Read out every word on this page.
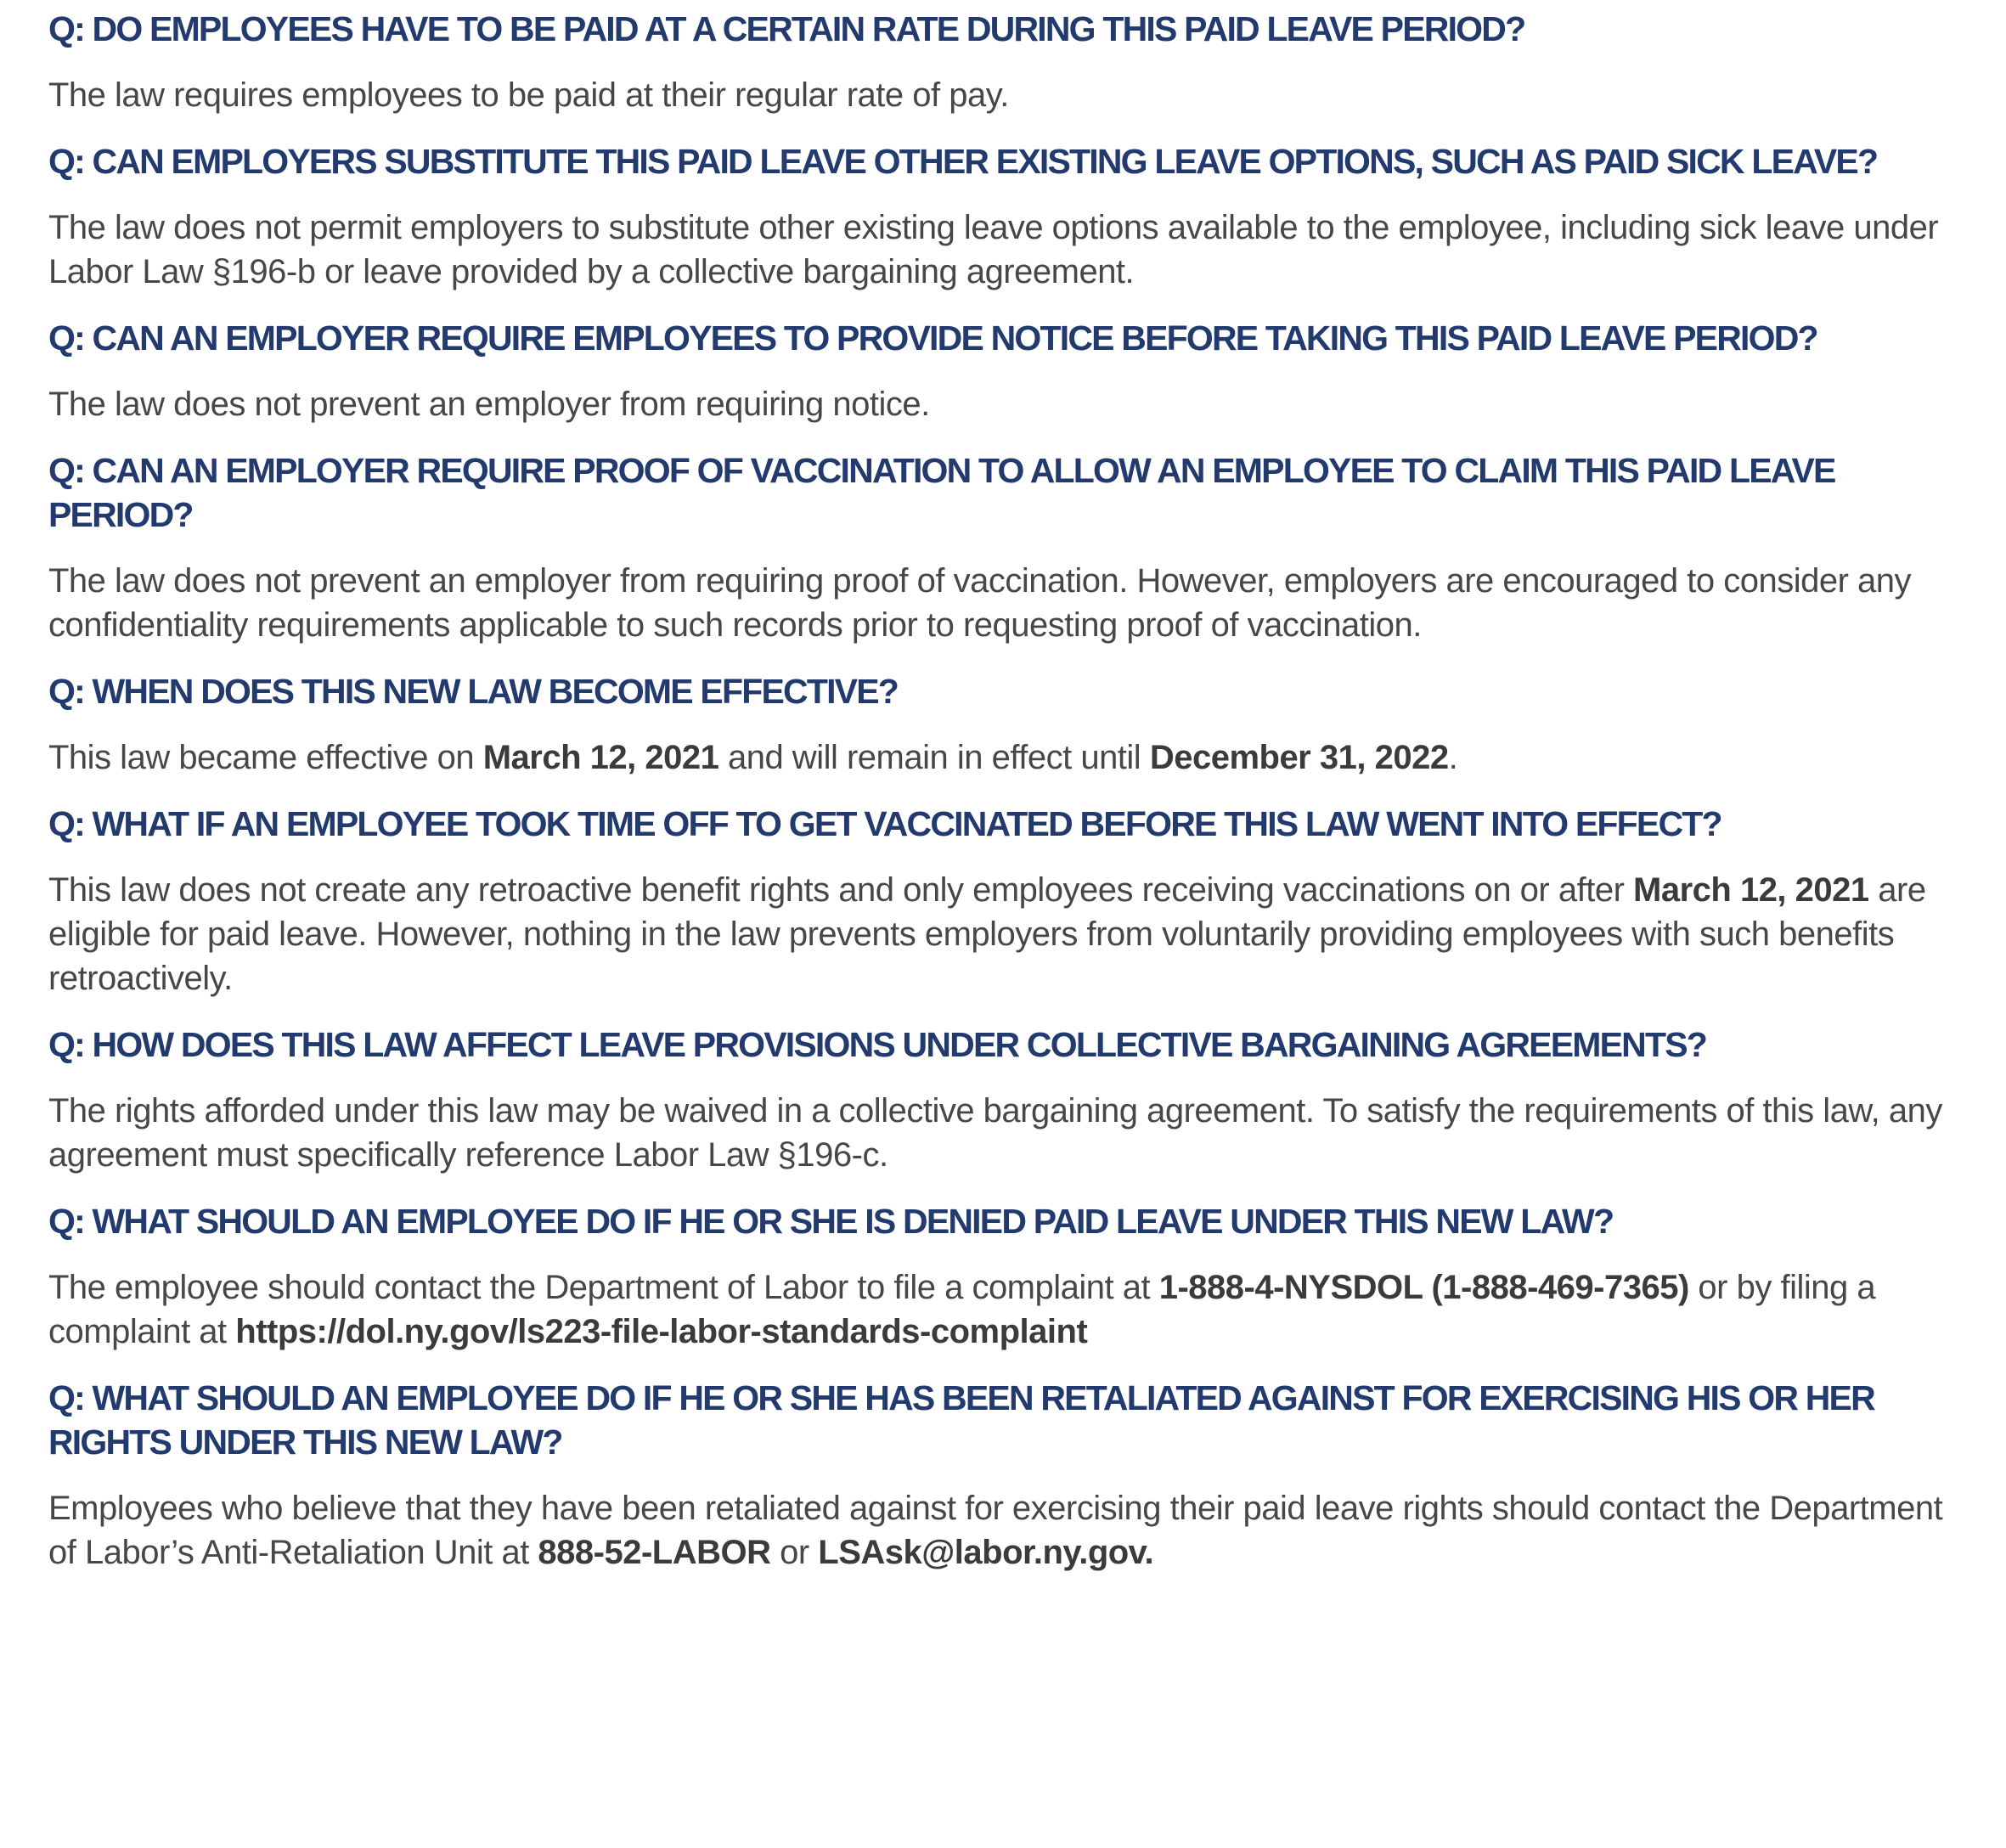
Q: DO EMPLOYEES HAVE TO BE PAID AT A CERTAIN RATE DURING THIS PAID LEAVE PERIOD?

The law requires employees to be paid at their regular rate of pay.

Q: CAN EMPLOYERS SUBSTITUTE THIS PAID LEAVE OTHER EXISTING LEAVE OPTIONS, SUCH AS PAID SICK LEAVE?

The law does not permit employers to substitute other existing leave options available to the employee, including sick leave under Labor Law §196-b or leave provided by a collective bargaining agreement.

Q: CAN AN EMPLOYER REQUIRE EMPLOYEES TO PROVIDE NOTICE BEFORE TAKING THIS PAID LEAVE PERIOD?

The law does not prevent an employer from requiring notice.

Q: CAN AN EMPLOYER REQUIRE PROOF OF VACCINATION TO ALLOW AN EMPLOYEE TO CLAIM THIS PAID LEAVE PERIOD?

The law does not prevent an employer from requiring proof of vaccination. However, employers are encouraged to consider any confidentiality requirements applicable to such records prior to requesting proof of vaccination.

Q: WHEN DOES THIS NEW LAW BECOME EFFECTIVE?

This law became effective on March 12, 2021 and will remain in effect until December 31, 2022.

Q: WHAT IF AN EMPLOYEE TOOK TIME OFF TO GET VACCINATED BEFORE THIS LAW WENT INTO EFFECT?

This law does not create any retroactive benefit rights and only employees receiving vaccinations on or after March 12, 2021 are eligible for paid leave. However, nothing in the law prevents employers from voluntarily providing employees with such benefits retroactively.

Q: HOW DOES THIS LAW AFFECT LEAVE PROVISIONS UNDER COLLECTIVE BARGAINING AGREEMENTS?

The rights afforded under this law may be waived in a collective bargaining agreement. To satisfy the requirements of this law, any agreement must specifically reference Labor Law §196-c.

Q: WHAT SHOULD AN EMPLOYEE DO IF HE OR SHE IS DENIED PAID LEAVE UNDER THIS NEW LAW?

The employee should contact the Department of Labor to file a complaint at 1-888-4-NYSDOL (1-888-469-7365) or by filing a complaint at https://dol.ny.gov/ls223-file-labor-standards-complaint

Q: WHAT SHOULD AN EMPLOYEE DO IF HE OR SHE HAS BEEN RETALIATED AGAINST FOR EXERCISING HIS OR HER RIGHTS UNDER THIS NEW LAW?

Employees who believe that they have been retaliated against for exercising their paid leave rights should contact the Department of Labor’s Anti-Retaliation Unit at 888-52-LABOR or LSAsk@labor.ny.gov.
